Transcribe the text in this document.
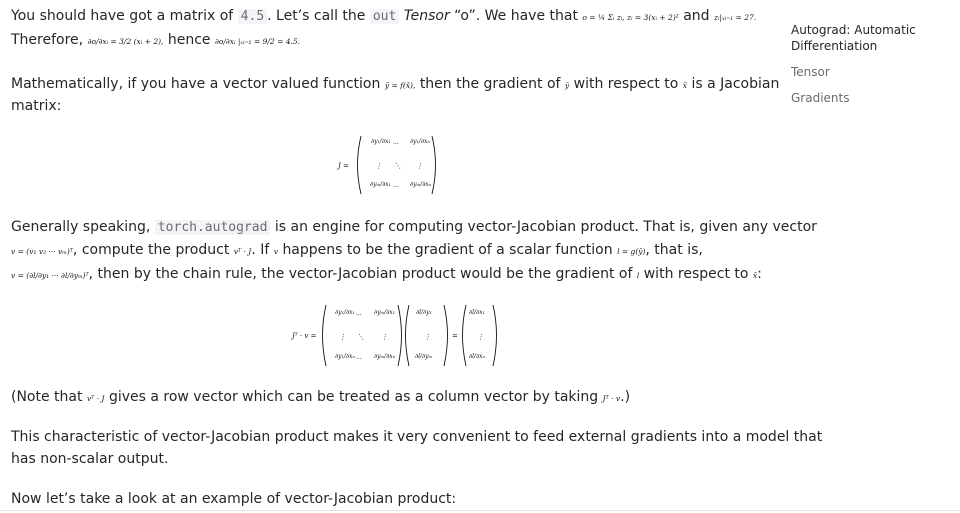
You should have got a matrix of 4.5 . Let’s call the out Tensor “o”. We have that o = ¼ Σᵢ zᵢ, zᵢ = 3(xᵢ + 2)² and zᵢ|ₓᵢ₌₁ = 27.
Therefore, ∂o/∂xᵢ = 3/2 (xᵢ + 2), hence ∂o/∂xᵢ |ₓᵢ₌₁ = 9/2 = 4.5.
Mathematically, if you have a vector valued function ȳ = f(x̄), then the gradient of ȳ with respect to x̄ is a Jacobian
matrix:
J =
∂y₁/∂x₁ ··· ∂y₁/∂xₙ
⋮ ⋱ ⋮
∂yₘ/∂x₁ ··· ∂yₘ/∂xₙ
Generally speaking, torch.autograd is an engine for computing vector-Jacobian product. That is, given any vector
v = (v₁ v₂ ··· vₘ)ᵀ, compute the product vᵀ · J. If v happens to be the gradient of a scalar function l = g(ȳ), that is,
v = (∂l/∂y₁ ··· ∂l/∂yₘ)ᵀ, then by the chain rule, the vector-Jacobian product would be the gradient of l with respect to x̄:
Jᵀ · v =
∂y₁/∂x₁ ··· ∂yₘ/∂x₁
⋮ ⋱ ⋮
∂y₁/∂xₙ ··· ∂yₘ/∂xₙ
∂l/∂y₁
⋮
∂l/∂yₘ
=
∂l/∂x₁
⋮
∂l/∂xₙ
(Note that vᵀ · J gives a row vector which can be treated as a column vector by taking Jᵀ · v.)
This characteristic of vector-Jacobian product makes it very convenient to feed external gradients into a model that
has non-scalar output.
Now let’s take a look at an example of vector-Jacobian product:
Autograd: Automatic
Differentiation
Tensor
Gradients
